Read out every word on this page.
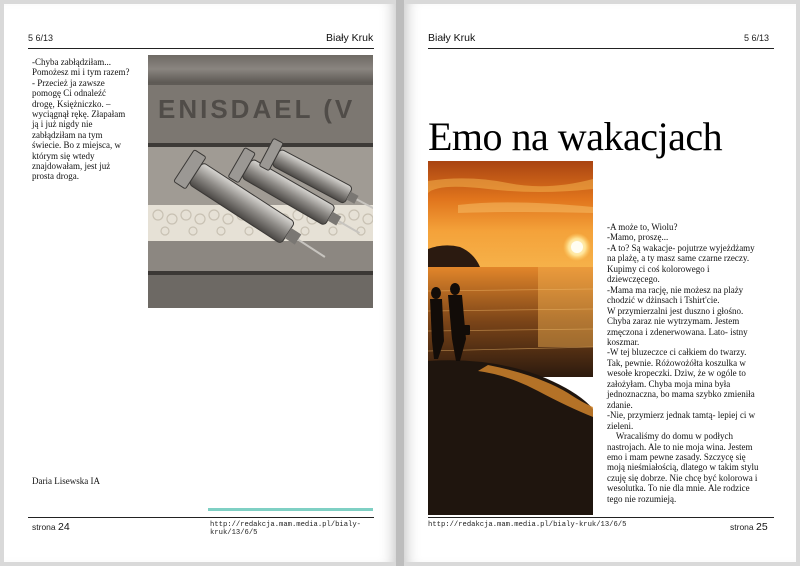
5 6/13	Biały Kruk
-Chyba zabłądziłam...
Pomożesz mi i tym razem?
- Przecież ja zawsze
pomogę Ci odnaleźć
drogę, Księżniczko. –
wyciągnął rękę. Złapałam
ją i już nigdy nie
zabłądziłam na tym
świecie. Bo z miejsca, w
którym się wtedy
znajdowałam, jest już
prosta droga.
ENISDAEL (V
Daria Lisewska IA
strona 24	http://redakcja.mam.media.pl/bialy-kruk/13/6/5
Biały Kruk	5 6/13
Emo na wakacjach

-A może to, Wiolu?

-Mamo, proszę...

-A to? Są wakacje- pojutrze wyjeżdżamy

na plażę, a ty masz same czarne rzeczy.

Kupimy ci coś kolorowego i

dziewczęcego.

-Mama ma rację, nie możesz na plaży

chodzić w dżinsach i Tshirt'cie.

W przymierzalni jest duszno i głośno.

Chyba zaraz nie wytrzymam. Jestem

zmęczona i zdenerwowana. Lato- istny

koszmar.

-W tej bluzeczce ci całkiem do twarzy.

Tak, pewnie. Różowożółta koszulka w

wesołe kropeczki. Dziw, że w ogóle to

założyłam. Chyba moja mina była

jednoznaczna, bo mama szybko zmieniła

zdanie.

-Nie, przymierz jednak tamtą- lepiej ci w

zieleni.

Wracaliśmy do domu w podłych

nastrojach. Ale to nie moja wina. Jestem

emo i mam pewne zasady. Szczycę się

moją nieśmiałością, dlatego w takim stylu

czuję się dobrze. Nie chcę być kolorowa i

wesolutka. To nie dla mnie. Ale rodzice

tego nie rozumieją.

http://redakcja.mam.media.pl/bialy-kruk/13/6/5	strona 25
